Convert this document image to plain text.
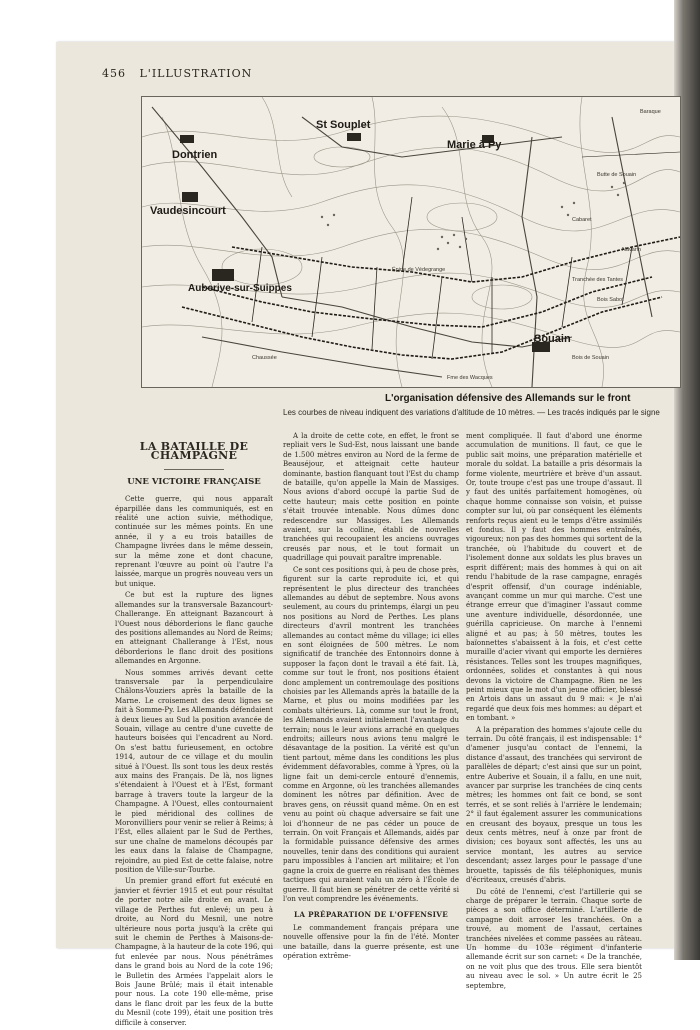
456 L'ILLUSTRATION
Dontrien
St Souplet
Marie à Py
Vaudesincourt
Auberive-sur-Suippes
Souain
Épine de Védegrange
Chaussée
Fme des Wacques
Baraque
Cabaret
Navarin
Bois Sabot
Butte de Souain
Bois de Souain
Tranchée des Tantes
L'organisation défensive des Allemands sur le front
Les courbes de niveau indiquent des variations d'altitude de 10 mètres. — Les tracés indiqués par le signe
LA BATAILLE DE CHAMPAGNE
UNE VICTOIRE FRANÇAISE

Cette guerre, qui nous apparaît éparpillée dans les communiqués, est en réalité une action suivie, méthodique, continuée sur les mêmes points. En une année, il y a eu trois batailles de Champagne livrées dans le même dessein, sur la même zone et dont chacune, reprenant l'œuvre au point où l'autre l'a laissée, marque un progrès nouveau vers un but unique.

Ce but est la rupture des lignes allemandes sur la transversale Bazancourt-Challerange. En atteignant Bazancourt à l'Ouest nous déborderions le flanc gauche des positions allemandes au Nord de Reims; en atteignant Challerange à l'Est, nous déborderions le flanc droit des positions allemandes en Argonne.

Nous sommes arrivés devant cette transversale par la perpendiculaire Châlons-Vouziers après la bataille de la Marne. Le croisement des deux lignes se fait à Somme-Py. Les Allemands défendaient à deux lieues au Sud la position avancée de Souain, village au centre d'une cuvette de hauteurs boisées qui l'encadrent au Nord. On s'est battu furieusement, en octobre 1914, autour de ce village et du moulin situé à l'Ouest. Ils sont tous les deux restés aux mains des Français. De là, nos lignes s'étendaient à l'Ouest et à l'Est, formant barrage à travers toute la largeur de la Champagne. A l'Ouest, elles contournaient le pied méridional des collines de Moronvilliers pour venir se relier à Reims; à l'Est, elles allaient par le Sud de Perthes, sur une chaîne de mamelons découpés par les eaux dans la falaise de Champagne, rejoindre, au pied Est de cette falaise, notre position de Ville-sur-Tourbe.

Un premier grand effort fut exécuté en janvier et février 1915 et eut pour résultat de porter notre aile droite en avant. Le village de Perthes fut enlevé; un peu à droite, au Nord du Mesnil, une notre ultérieure nous porta jusqu'à la crête qui suit le chemin de Perthes à Maisons-de-Champagne, à la hauteur de la cote 196, qui fut enlevée par nous. Nous pénétrâmes dans le grand bois au Nord de la cote 196; le Bulletin des Armées l'appelait alors le Bois Jaune Brûlé; mais il était intenable pour nous. La cote 190 elle-même, prise dans le flanc droit par les feux de la butte du Mesnil (cote 199), était une position très difficile à conserver.

A la droite de cette cote, en effet, le front se repliait vers le Sud-Est, nous laissant une bande de 1.500 mètres environ au Nord de la ferme de Beauséjour, et atteignait cette hauteur dominante, bastion flanquant tout l'Est du champ de bataille, qu'on appelle la Main de Massiges. Nous avions d'abord occupé la partie Sud de cette hauteur; mais cette position en pointe s'était trouvée intenable. Nous dûmes donc redescendre sur Massiges. Les Allemands avaient, sur la colline, établi de nouvelles tranchées qui recoupaient les anciens ouvrages creusés par nous, et le tout formait un quadrillage qui pouvait paraître imprenable.

Ce sont ces positions qui, à peu de chose près, figurent sur la carte reproduite ici, et qui représentent le plus directeur des tranchées allemandes au début de septembre. Nous avons seulement, au cours du printemps, élargi un peu nos positions au Nord de Perthes. Les plans directeurs d'avril montrent les tranchées allemandes au contact même du village; ici elles en sont éloignées de 500 mètres. Le nom significatif de tranchée des Entonnoirs donne à supposer la façon dont le travail a été fait. Là, comme sur tout le front, nos positions étaient donc amplement un contremoulage des positions choisies par les Allemands après la bataille de la Marne, et plus ou moins modifiées par les combats ultérieurs. Là, comme sur tout le front, les Allemands avaient initialement l'avantage du terrain; nous le leur avions arraché en quelques endroits; ailleurs nous avions tenu malgré le désavantage de la position. La vérité est qu'un tient partout, même dans les conditions les plus évidemment défavorables, comme à Ypres, où la ligne fait un demi-cercle entouré d'ennemis, comme en Argonne, où les tranchées allemandes dominent les nôtres par définition. Avec de braves gens, on réussit quand même. On en est venu au point où chaque adversaire se fait une loi d'honneur de ne pas céder un pouce de terrain. On voit Français et Allemands, aidés par la formidable puissance défensive des armes nouvelles, tenir dans des conditions qui auraient paru impossibles à l'ancien art militaire; et l'on gagne la croix de guerre en réalisant des thèmes tactiques qui auraient valu un zéro à l'École de guerre. Il faut bien se pénétrer de cette vérité si l'on veut comprendre les événements.

LA PRÉPARATION DE L'OFFENSIVE

Le commandement français prépara une nouvelle offensive pour la fin de l'été. Monter une bataille, dans la guerre présente, est une opération extrême-

ment compliquée. Il faut d'abord une énorme accumulation de munitions. Il faut, ce que le public sait moins, une préparation matérielle et morale du soldat. La bataille a pris désormais la forme violente, meurtrière et brève d'un assaut. Or, toute troupe c'est pas une troupe d'assaut. Il y faut des unités parfaitement homogènes, où chaque homme connaisse son voisin, et puisse compter sur lui, où par conséquent les éléments renforts reçus aient eu le temps d'être assimilés et fondus. Il y faut des hommes entraînés, vigoureux; non pas des hommes qui sortent de la tranchée, où l'habitude du couvert et de l'isolement donne aux soldats les plus braves un esprit différent; mais des hommes à qui on ait rendu l'habitude de la rase campagne, enragés d'esprit offensif, d'un courage indéniable, avançant comme un mur qui marche. C'est une étrange erreur que d'imaginer l'assaut comme une aventure individuelle, désordonnée, une guérilla capricieuse. On marche à l'ennemi aligné et au pas; à 50 mètres, toutes les baïonnettes s'abaissent à la fois, et c'est cette muraille d'acier vivant qui emporte les dernières résistances. Telles sont les troupes magnifiques, ordonnées, solides et constantes à qui nous devons la victoire de Champagne. Rien ne les peint mieux que le mot d'un jeune officier, blessé en Artois dans un assaut du 9 mai: « Je n'ai regardé que deux fois mes hommes: au départ et en tombant. »

A la préparation des hommes s'ajoute celle du terrain. Du côté français, il est indispensable: 1° d'amener jusqu'au contact de l'ennemi, la distance d'assaut, des tranchées qui serviront de parallèles de départ; c'est ainsi que sur un point, entre Auberive et Souain, il a fallu, en une nuit, avancer par surprise les tranchées de cinq cents mètres; les hommes ont fait ce bond, se sont terrés, et se sont reliés à l'arrière le lendemain; 2° il faut également assurer les communications en creusant des boyaux, presque un tous les deux cents mètres, neuf à onze par front de division; ces boyaux sont affectés, les uns au service montant, les autres au service descendant; assez larges pour le passage d'une brouette, tapissés de fils téléphoniques, munis d'écriteaux, creusés d'abris.

Du côté de l'ennemi, c'est l'artillerie qui se charge de préparer le terrain. Chaque sorte de pièces a son office déterminé. L'artillerie de campagne doit arroser les tranchées. On a trouvé, au moment de l'assaut, certaines tranchées nivelées et comme passées au râteau. Un homme du 103e régiment d'infanterie allemande écrit sur son carnet: « De la tranchée, on ne voit plus que des trous. Elle sera bientôt au niveau avec le sol. » Un autre écrit le 25 septembre,
